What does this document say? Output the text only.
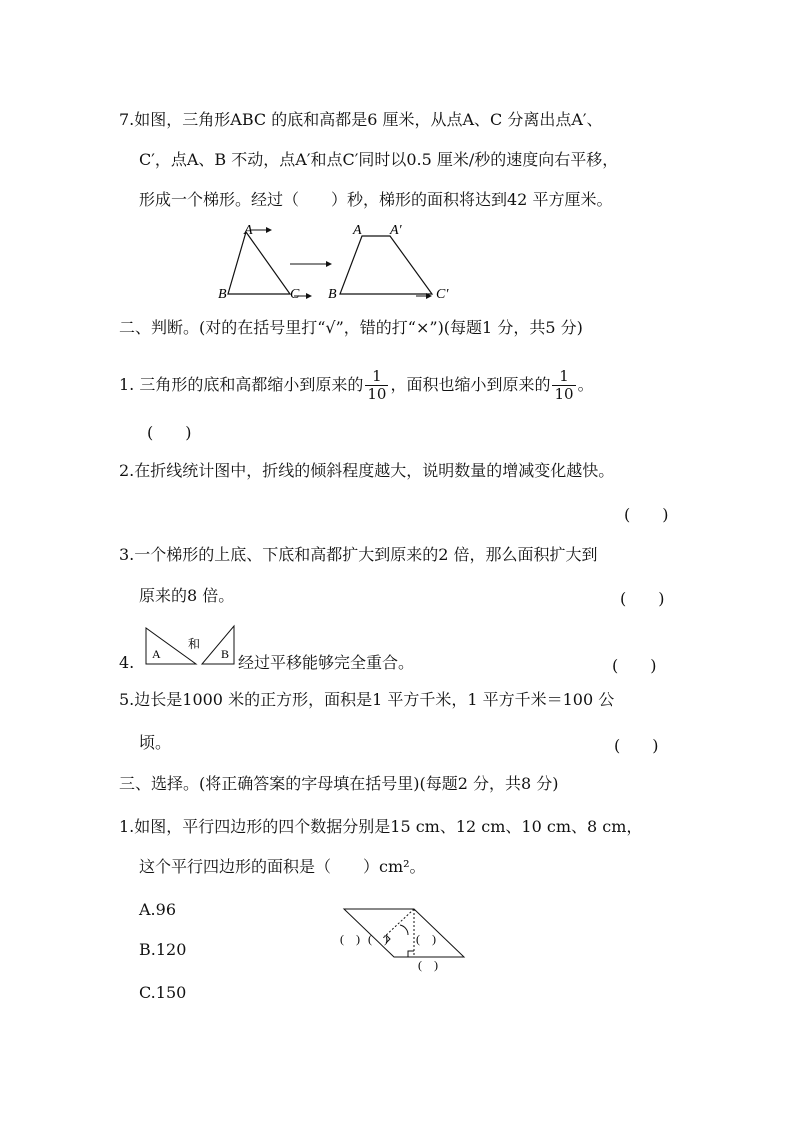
7.如图，三角形ABC 的底和高都是6 厘米，从点A、C 分离出点A′、
C′，点A、B 不动，点A′和点C′同时以0.5 厘米/秒的速度向右平移，
形成一个梯形。经过（　　）秒，梯形的面积将达到42 平方厘米。
A
B	C
A A′
B	C′
二、判断。(对的在括号里打“√”，错的打“×”)(每题1 分，共5 分)
1. 三角形的底和高都缩小到原来的 $\frac{1}{10}$ ，面积也缩小到原来的 $\frac{1}{10}$ 。
(　　)
2.在折线统计图中，折线的倾斜程度越大，说明数量的增减变化越快。
(　　)
3.一个梯形的上底、下底和高都扩大到原来的2 倍，那么面积扩大到
原来的8 倍。	(　　)
4. A
和
B 经过平移能够完全重合。	(　　)
5.边长是1000 米的正方形，面积是1 平方千米，1 平方千米＝100 公
顷。	(　　)
三、选择。(将正确答案的字母填在括号里)(每题2 分，共8 分)
1.如图，平行四边形的四个数据分别是15 cm、12 cm、10 cm、8 cm，
这个平行四边形的面积是（　　）cm²。
A.96
B.120
C.150
(　) (　) (　)
(　)
